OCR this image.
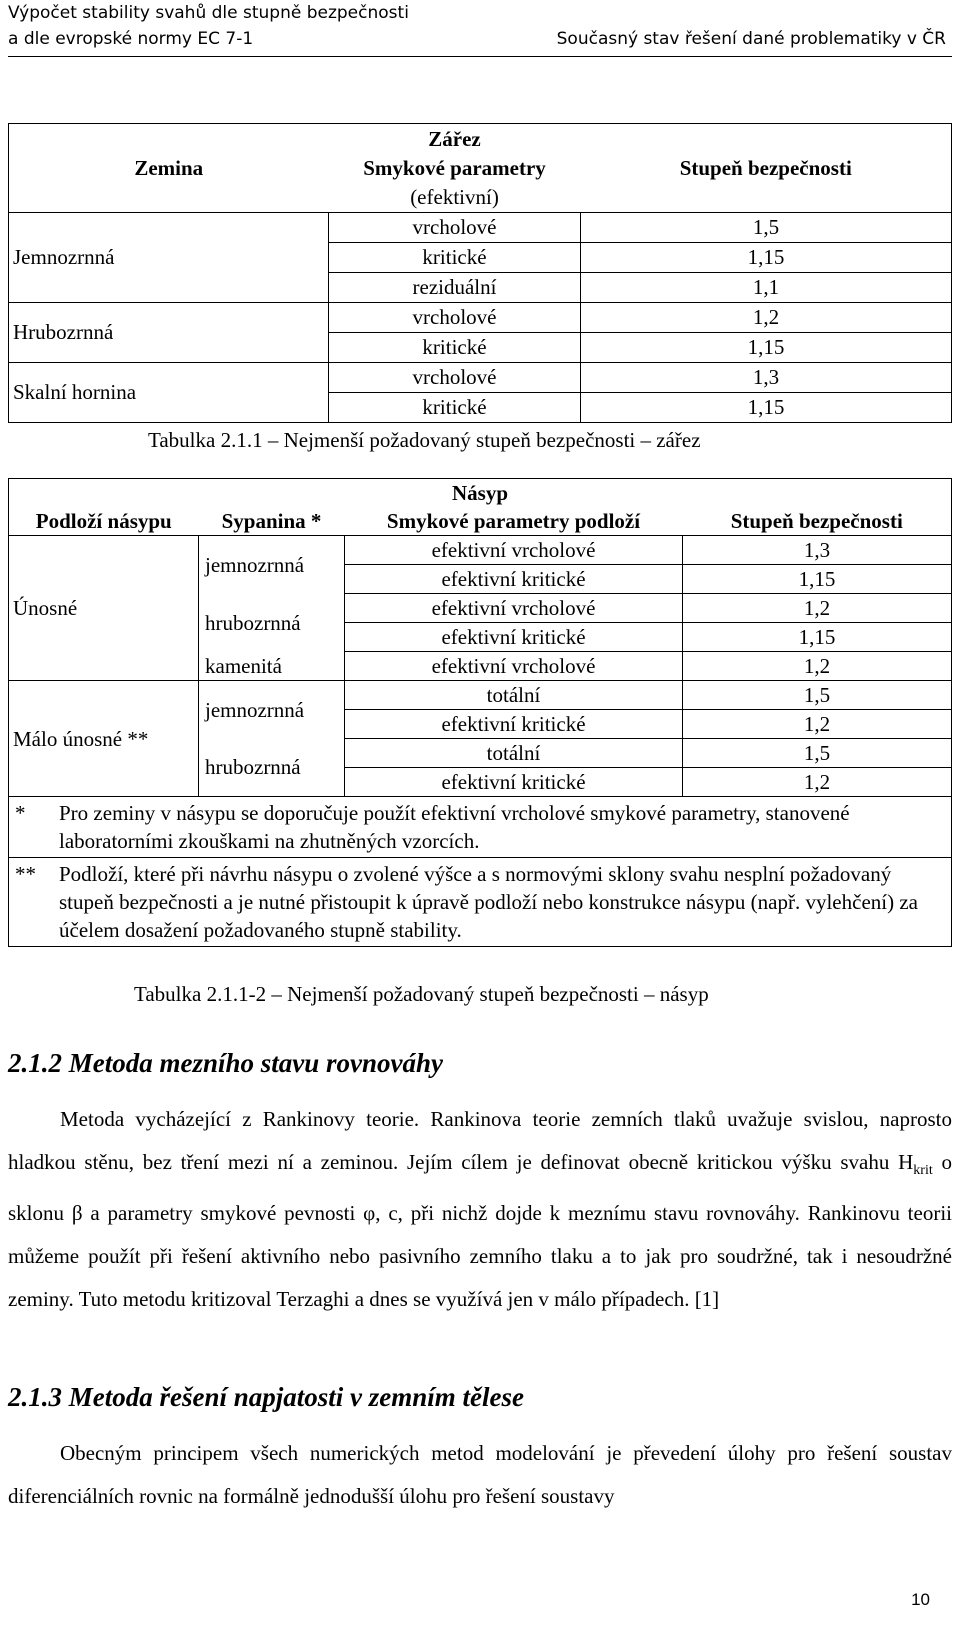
Výpočet stability svahů dle stupně bezpečnosti
a dle evropské normy EC 7-1	Současný stav řešení dané problematiky v ČR
Zemina	Zářez	Stupeň bezpečnosti
	Smykové parametry
(efektivní)	
Jemnozrnná	vrcholové	1,5
	kritické	1,15
	reziduální	1,1
Hrubozrnná	vrcholové	1,2
	kritické	1,15
Skalní hornina	vrcholové	1,3
	kritické	1,15
Tabulka 2.1.1 – Nejmenší požadovaný stupeň bezpečnosti – zářez
Násyp			
Podloží násypu	Sypanina *	Smykové parametry podloží	Stupeň bezpečnosti
Únosné	jemnozrnná	efektivní vrcholové	1,3
		efektivní kritické	1,15
	hrubozrnná	efektivní vrcholové	1,2
		efektivní kritické	1,15
	kamenitá	efektivní vrcholové	1,2
Málo únosné **	jemnozrnná	totální	1,5
		efektivní kritické	1,2
	hrubozrnná	totální	1,5
		efektivní kritické	1,2

* Pro zeminy v násypu se doporučuje použít efektivní vrcholové smykové parametry, stanovené laboratorními zkouškami na zhutněných vzorcích.			

** Podloží, které při návrhu násypu o zvolené výšce a s normovými sklony svahu nesplní požadovaný stupeň bezpečnosti a je nutné přistoupit k úpravě podloží nebo konstrukce násypu (např. vylehčení) za účelem dosažení požadovaného stupně stability.			
Tabulka 2.1.1-2 – Nejmenší požadovaný stupeň bezpečnosti – násyp
2.1.2 Metoda mezního stavu rovnováhy

Metoda vycházející z Rankinovy teorie. Rankinova teorie zemních tlaků uvažuje svislou, naprosto hladkou stěnu, bez tření mezi ní a zeminou. Jejím cílem je definovat obecně kritickou výšku svahu $H_{krit}$ o sklonu β a parametry smykové pevnosti φ, c, při nichž dojde k meznímu stavu rovnováhy. Rankinovu teorii můžeme použít při řešení aktivního nebo pasivního zemního tlaku a to jak pro soudržné, tak i nesoudržné zeminy. Tuto metodu kritizoval Terzaghi a dnes se využívá jen v málo případech. [1]

2.1.3 Metoda řešení napjatosti v zemním tělese

Obecným principem všech numerických metod modelování je převedení úlohy pro řešení soustav diferenciálních rovnic na formálně jednodušší úlohu pro řešení soustavy

10
